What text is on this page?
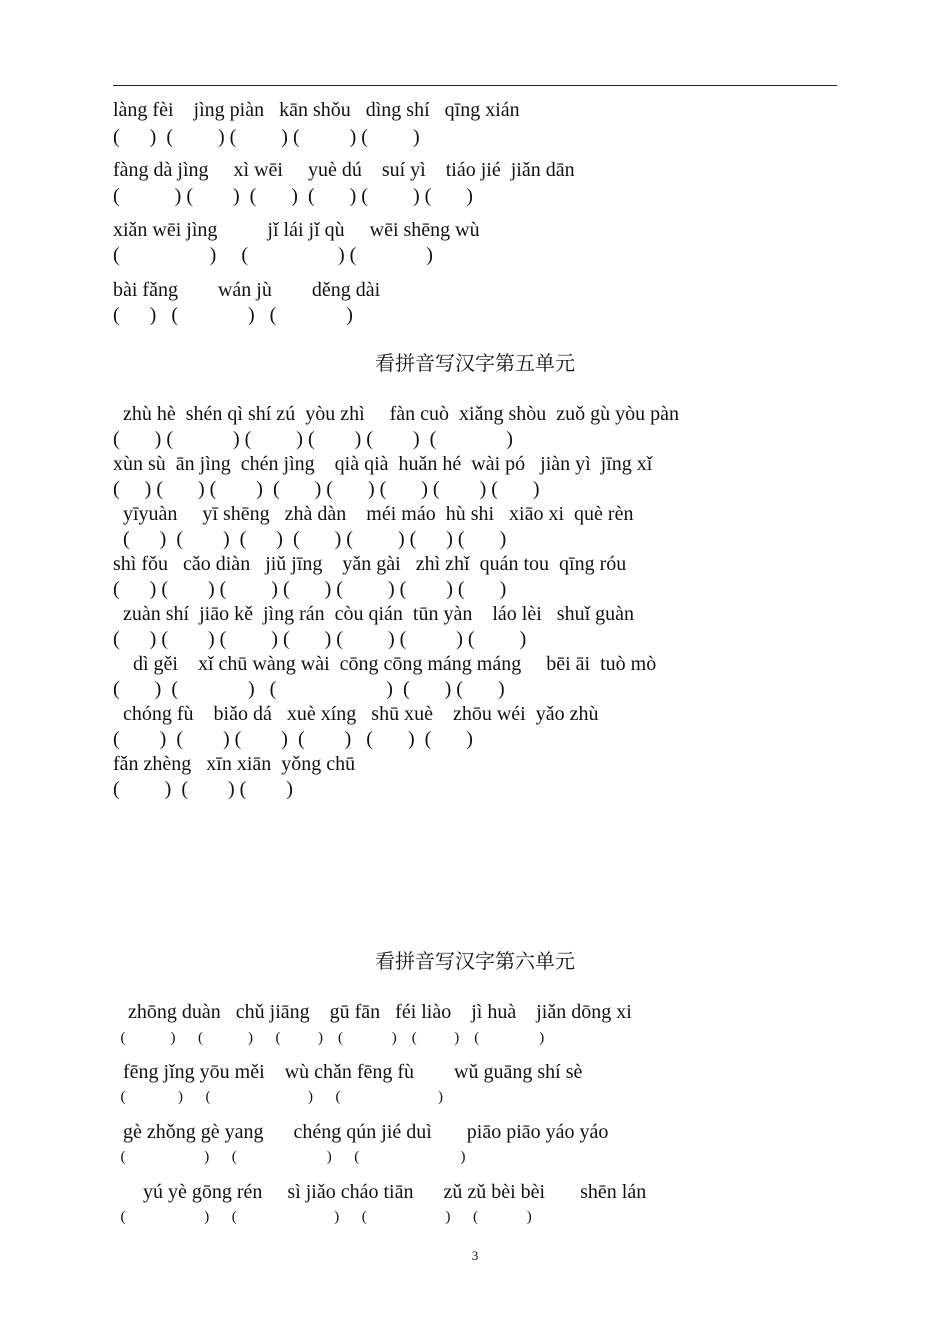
làng fèi    jìng piàn   kān shǒu   dìng shí   qīng xián
(      )  (         ) (         ) (          ) (         )
fàng dà jìng     xì wēi     yuè dú    suí yì    tiáo jié  jiǎn dān
(           ) (        )  (       )  (       ) (         ) (       )
xiǎn wēi jìng          jǐ lái jǐ qù     wēi shēng wù
(                  )     (                  ) (              )
bài fǎng        wán jù        děng dài
(      )   (              )   (              )
看拼音写汉字第五单元
zhù hè  shén qì shí zú  yòu zhì     fàn cuò  xiǎng shòu  zuǒ gù yòu pàn
(       ) (            ) (         ) (        ) (        )  (              )
xùn sù  ān jìng  chén jìng    qià qià  huǎn hé  wài pó   jiàn yì  jīng xǐ
(     ) (       ) (        )  (       ) (       ) (       ) (        ) (       )
yīyuàn     yī shēng   zhà dàn    méi máo  hù shi   xiāo xi  què rèn
(      )  (        )  (      )  (       ) (         ) (      ) (       )
shì fǒu   cǎo diàn   jiǔ jīng    yǎn gài   zhì zhǐ  quán tou  qīng róu
(      ) (        ) (         ) (       ) (         ) (        ) (       )
zuàn shí  jiāo kě  jìng rán  còu qián  tūn yàn    láo lèi   shuǐ guàn
(      ) (        ) (         ) (       ) (         ) (          ) (         )
dì gěi    xǐ chū wàng wài  cōng cōng máng máng     bēi āi  tuò mò
(       )  (              )   (                      )  (       ) (       )
chóng fù    biǎo dá   xuè xíng   shū xuè    zhōu wéi  yǎo zhù
(        )  (        ) (        )  (        )   (       )  (       )
fǎn zhèng   xīn xiān  yǒng chū
(         )  (        ) (        )
看拼音写汉字第六单元
zhōng duàn   chǔ jiāng    gū fān   féi liào    jì huà    jiǎn dōng xi
(            )      (            )      (          )    (             )    (          )    (                )
fēng jǐng yōu měi    wù chǎn fēng fù        wǔ guāng shí sè
(              )      (                          )      (                          )
gè zhǒng gè yang      chéng qún jié duì       piāo piāo yáo yáo
(                     )      (                        )      (                           )
yú yè gōng rén     sì jiǎo cháo tiān      zǔ zǔ bèi bèi       shēn lán
(                     )      (                          )      (                     )      (             )
3
